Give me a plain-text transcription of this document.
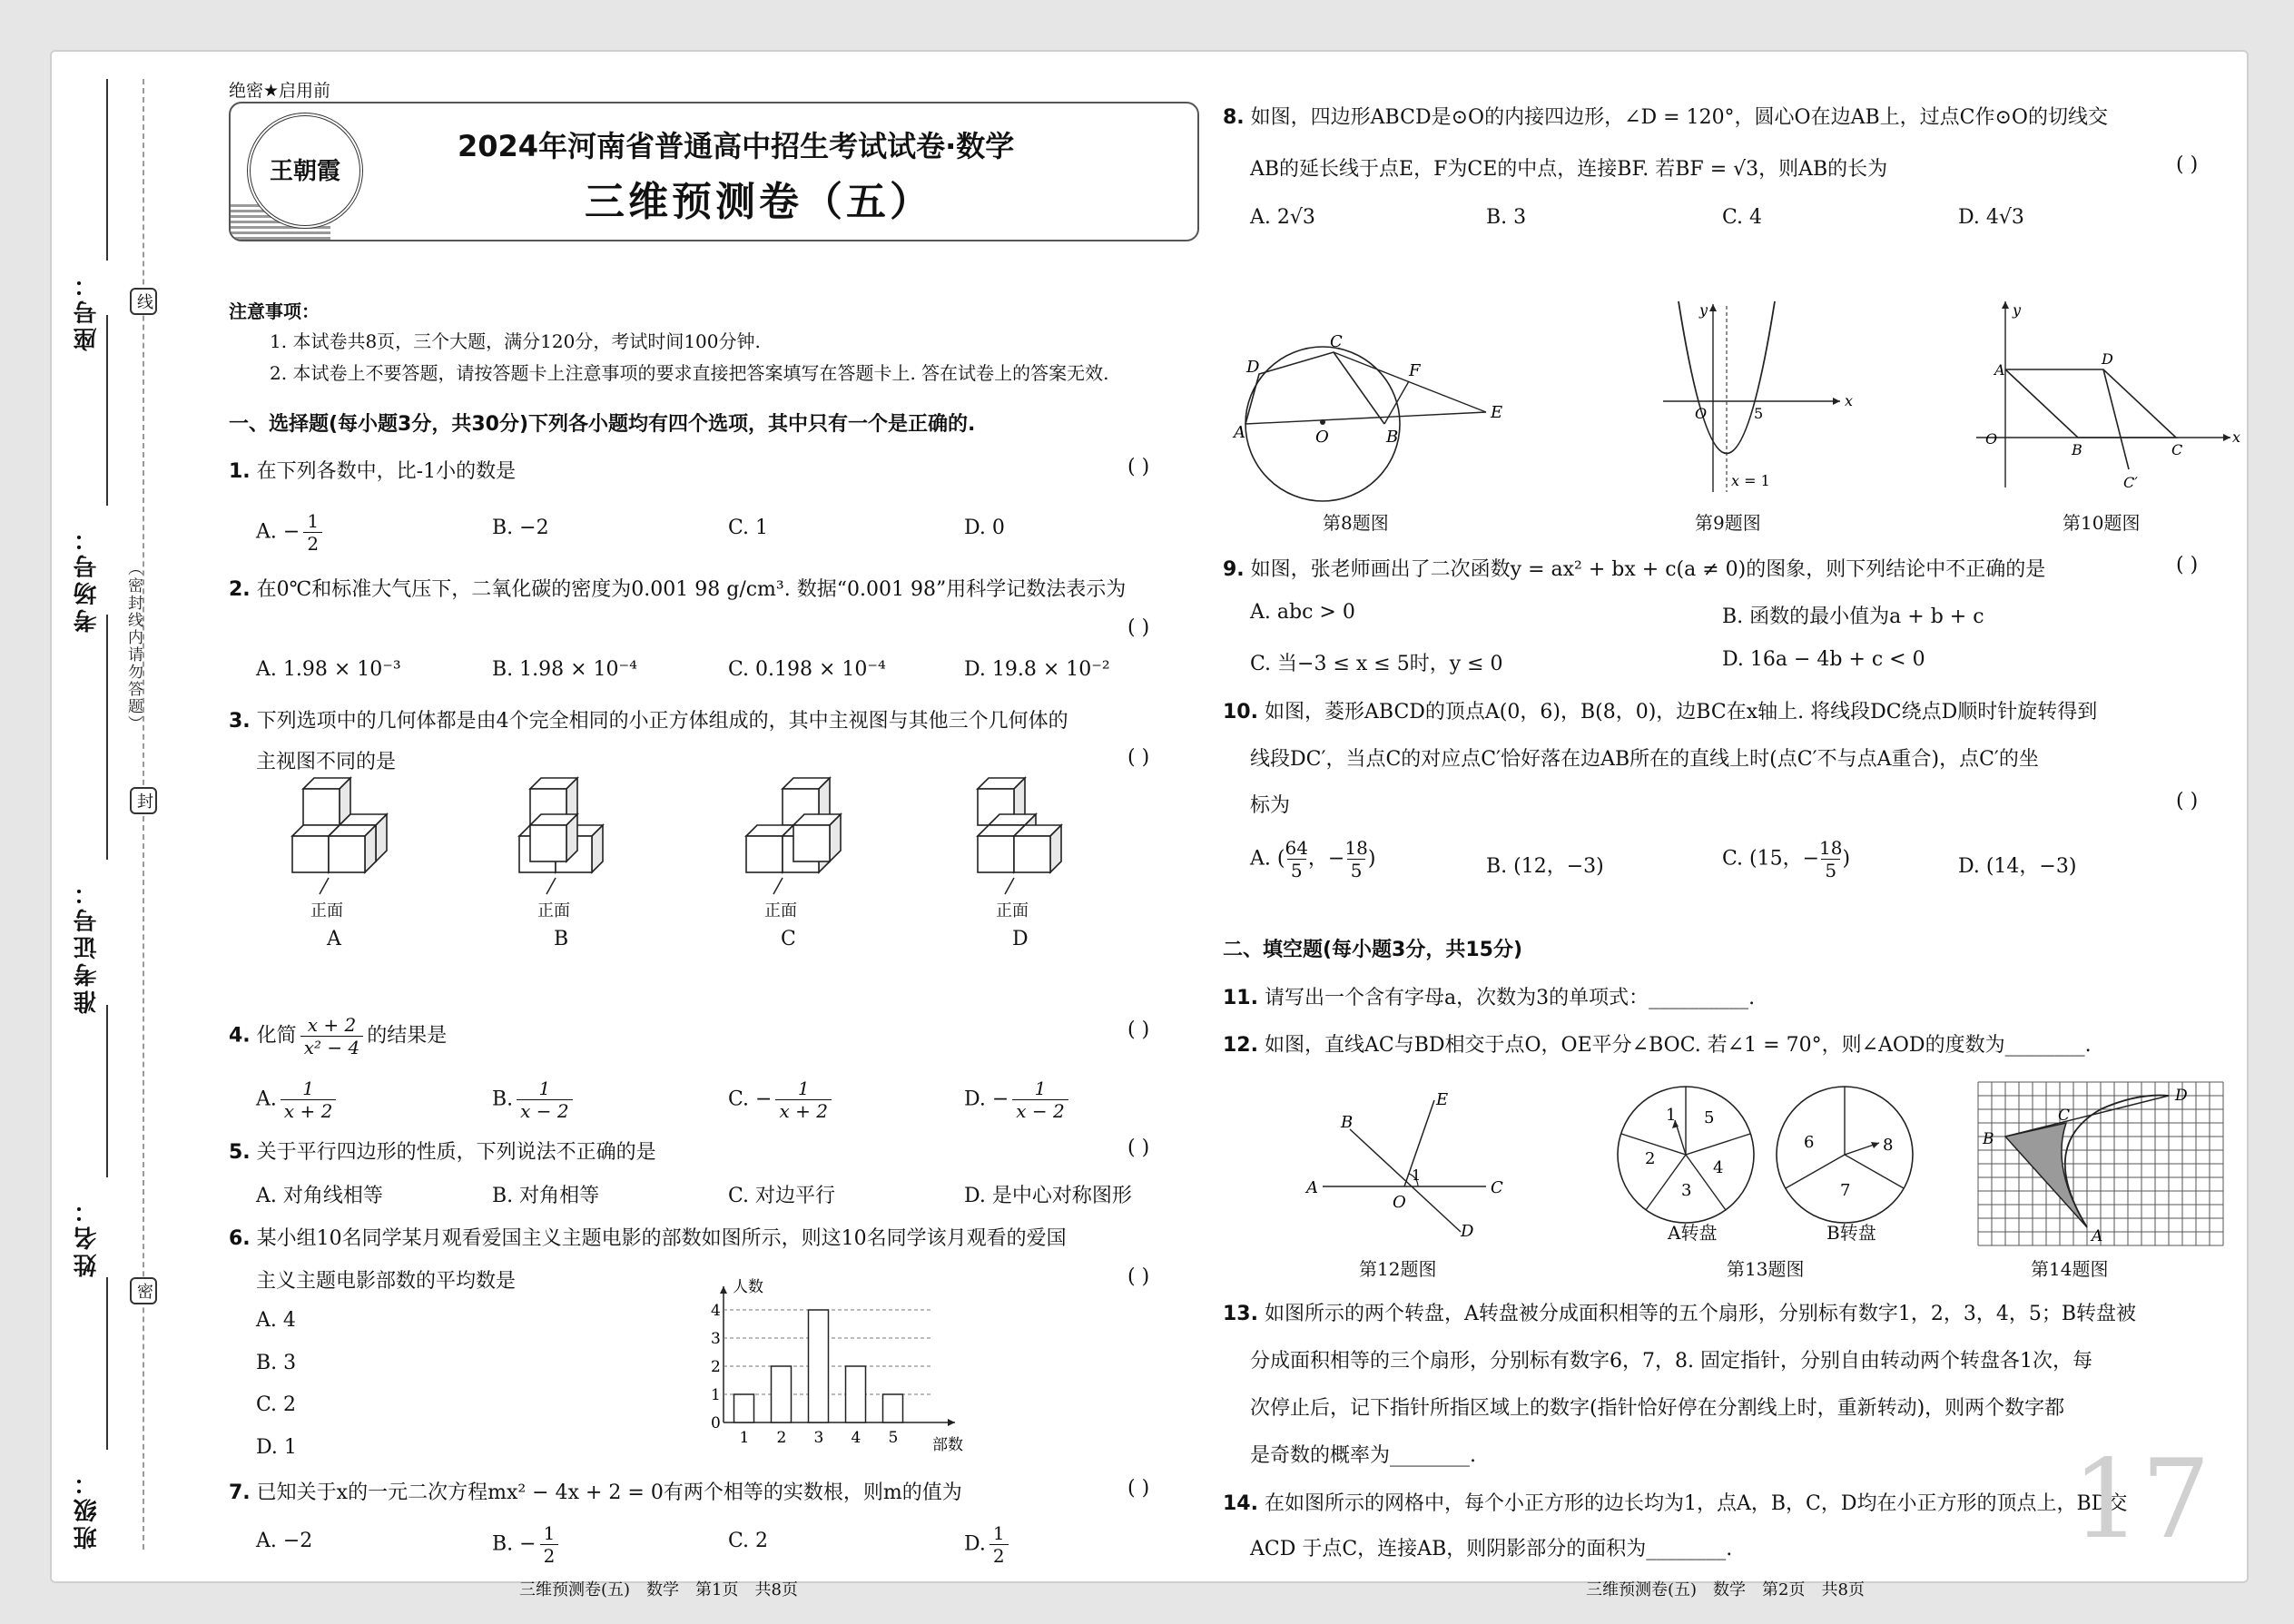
座号：
考场号：
准考证号：
姓名：
班级：
线
封
密
（密封线内请勿答题）
绝密★启用前
王朝霞
2024年河南省普通高中招生考试试卷·数学
三维预测卷（五）
注意事项：
1. 本试卷共8页，三个大题，满分120分，考试时间100分钟.
2. 本试卷上不要答题，请按答题卡上注意事项的要求直接把答案填写在答题卡上. 答在试卷上的答案无效.
一、选择题(每小题3分，共30分)下列各小题均有四个选项，其中只有一个是正确的.
1. 在下列各数中，比-1小的数是	( )
A. − $\frac{1}{2}$	B. −2	C. 1	D. 0
2. 在0℃和标准大气压下，二氧化碳的密度为0.001 98 g/cm³. 数据“0.001 98”用科学记数法表示为
( )
A. 1.98 × 10⁻³	B. 1.98 × 10⁻⁴	C. 0.198 × 10⁻⁴	D. 19.8 × 10⁻²
3. 下列选项中的几何体都是由4个完全相同的小正方体组成的，其中主视图与其他三个几何体的
主视图不同的是	( )
正面	正面	正面	正面
A	B	C	D
4. 化简 $\frac{x + 2}{\text{x² − 4}}$ 的结果是	( )
A. $\frac{1}{x + 2}$	B. $\frac{1}{x - 2}$	C. − $\frac{1}{x + 2}$	D. − $\frac{1}{x - 2}$
5. 关于平行四边形的性质，下列说法不正确的是	( )
A. 对角线相等	B. 对角相等	C. 对边平行	D. 是中心对称图形
6. 某小组10名同学某月观看爱国主义主题电影的部数如图所示，则这10名同学该月观看的爱国
主义主题电影部数的平均数是	( )
A. 4
B. 3
C. 2
D. 1
0
1
2
3
4
1 2 3 4 5
人数
部数
7. 已知关于x的一元二次方程mx² − 4x + 2 = 0有两个相等的实数根，则m的值为	( )
A. −2	B. − $\frac{1}{2}$	C. 2	D. $\frac{1}{2}$
三维预测卷(五)　数学　第1页　共8页
8. 如图，四边形ABCD是⊙O的内接四边形，∠D = 120°，圆心O在边AB上，过点C作⊙O的切线交
AB的延长线于点E，F为CE的中点，连接BF. 若BF = √3，则AB的长为	( )
A. 2√3	B. 3	C. 4	D. 4√3
A
D
C
F
B
E
O
第8题图
y
x
O	5
x = 1
第9题图
y
A
D
O
B	C
C′
x
第10题图
9. 如图，张老师画出了二次函数y = ax² + bx + c(a ≠ 0)的图象，则下列结论中不正确的是	( )
A. abc > 0	B. 函数的最小值为a + b + c
C. 当−3 ≤ x ≤ 5时，y ≤ 0	D. 16a − 4b + c < 0
10. 如图，菱形ABCD的顶点A(0，6)，B(8，0)，边BC在x轴上. 将线段DC绕点D顺时针旋转得到
线段DC′，当点C的对应点C′恰好落在边AB所在的直线上时(点C′不与点A重合)，点C′的坐
标为	( )
A. ( $\frac{64}{5}$ ，− $\frac{18}{5}$ )	B. (12，−3)	C. (15，− $\frac{18}{5}$ )	D. (14，−3)
二、填空题(每小题3分，共15分)
11. 请写出一个含有字母a，次数为3的单项式：__________.
12. 如图，直线AC与BD相交于点O，OE平分∠BOC. 若∠1 = 70°，则∠AOD的度数为________.
B
E
A	C
O
1
D
第12题图
1 5
4
3
2
6	8
7
A转盘	B转盘
第13题图
B
C
D
A
第14题图
13. 如图所示的两个转盘，A转盘被分成面积相等的五个扇形，分别标有数字1，2，3，4，5；B转盘被
分成面积相等的三个扇形，分别标有数字6，7，8. 固定指针，分别自由转动两个转盘各1次，每
次停止后，记下指针所指区域上的数字(指针恰好停在分割线上时，重新转动)，则两个数字都
是奇数的概率为________.
14. 在如图所示的网格中，每个小正方形的边长均为1，点A，B，C，D均在小正方形的顶点上，BD交
ACD 于点C，连接AB，则阴影部分的面积为________.
三维预测卷(五)　数学　第2页　共8页
17
